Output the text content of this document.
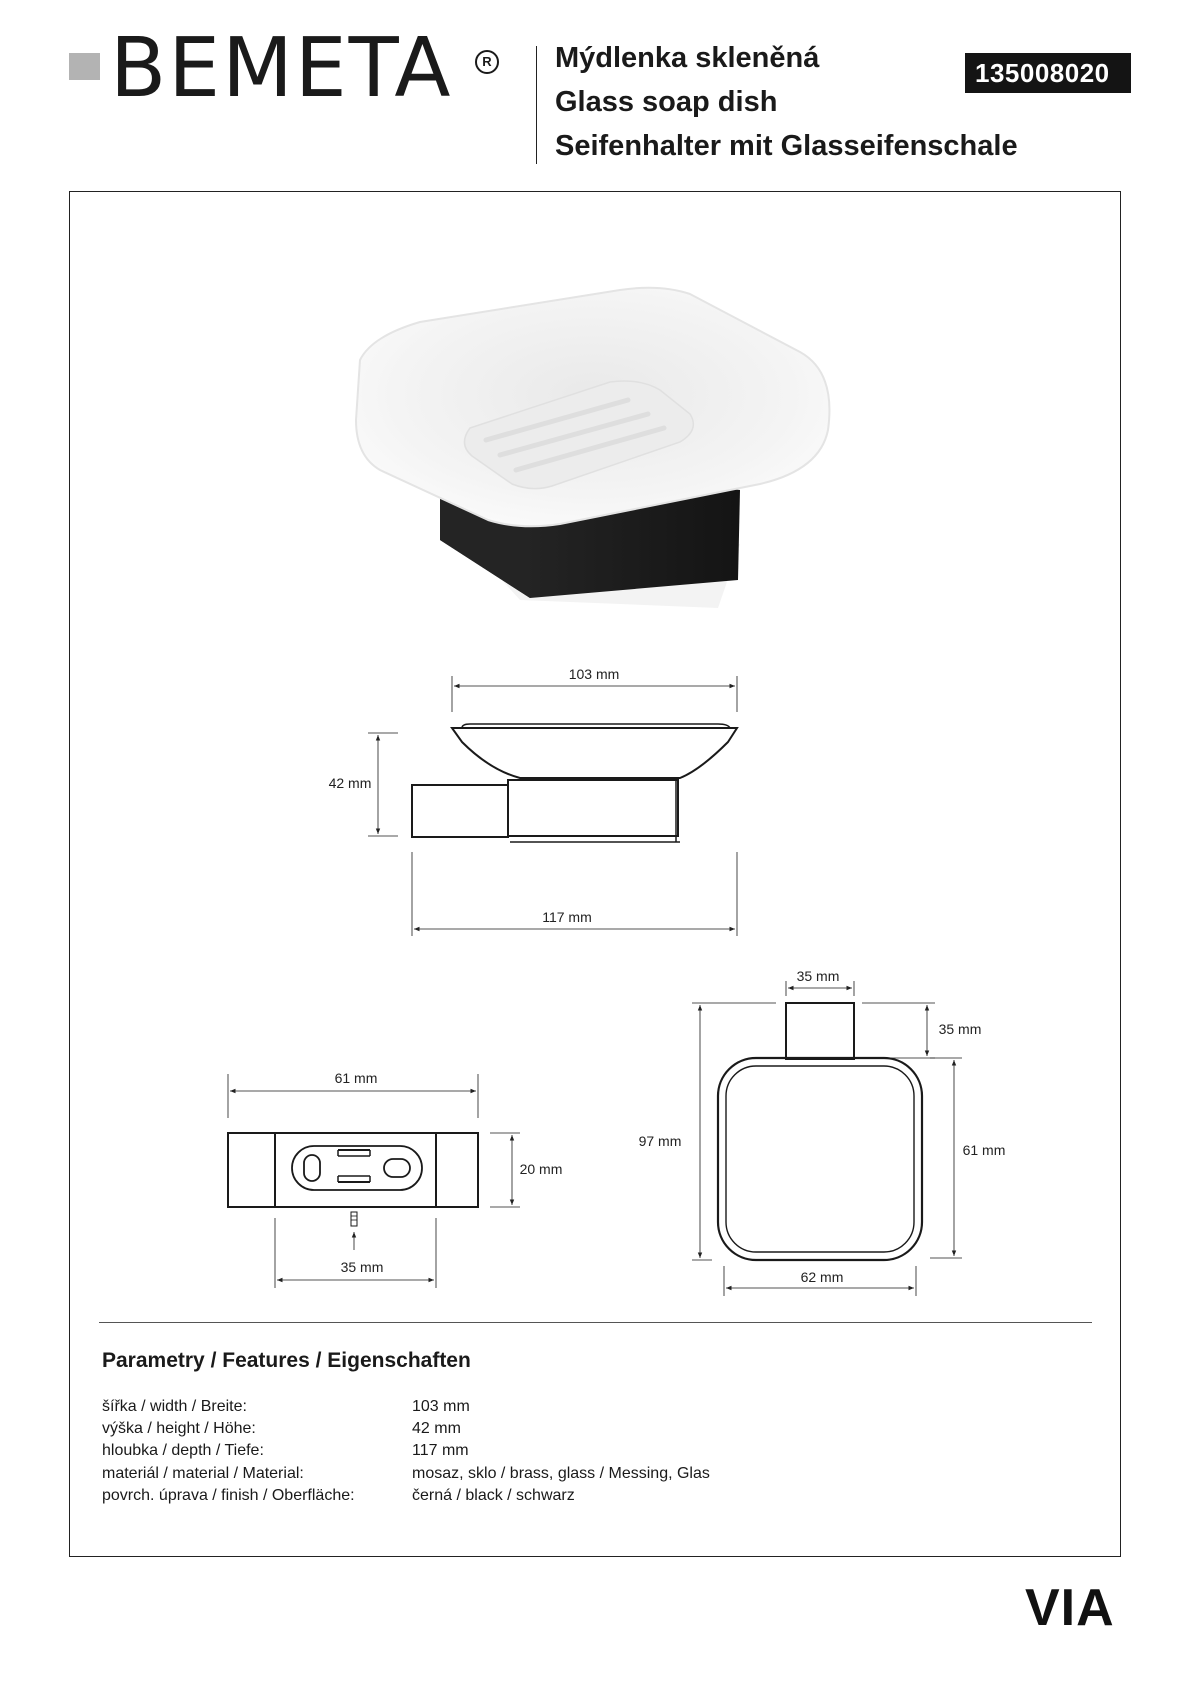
BEMETA	R Mýdlenka skleněná
Glass soap dish
Seifenhalter mit Glasseifenschale
135008020
103 mm
42 mm
117 mm
61 mm
20 mm
35 mm
35 mm
35 mm
97 mm
61 mm
62 mm
Parametry / Features / Eigenschaften
šířka / width / Breite:	103 mm
výška / height / Höhe:	42 mm
hloubka / depth / Tiefe:	117 mm
materiál / material / Material:	mosaz, sklo / brass, glass / Messing, Glas
povrch. úprava / finish / Oberfläche:	černá / black / schwarz
VIA
